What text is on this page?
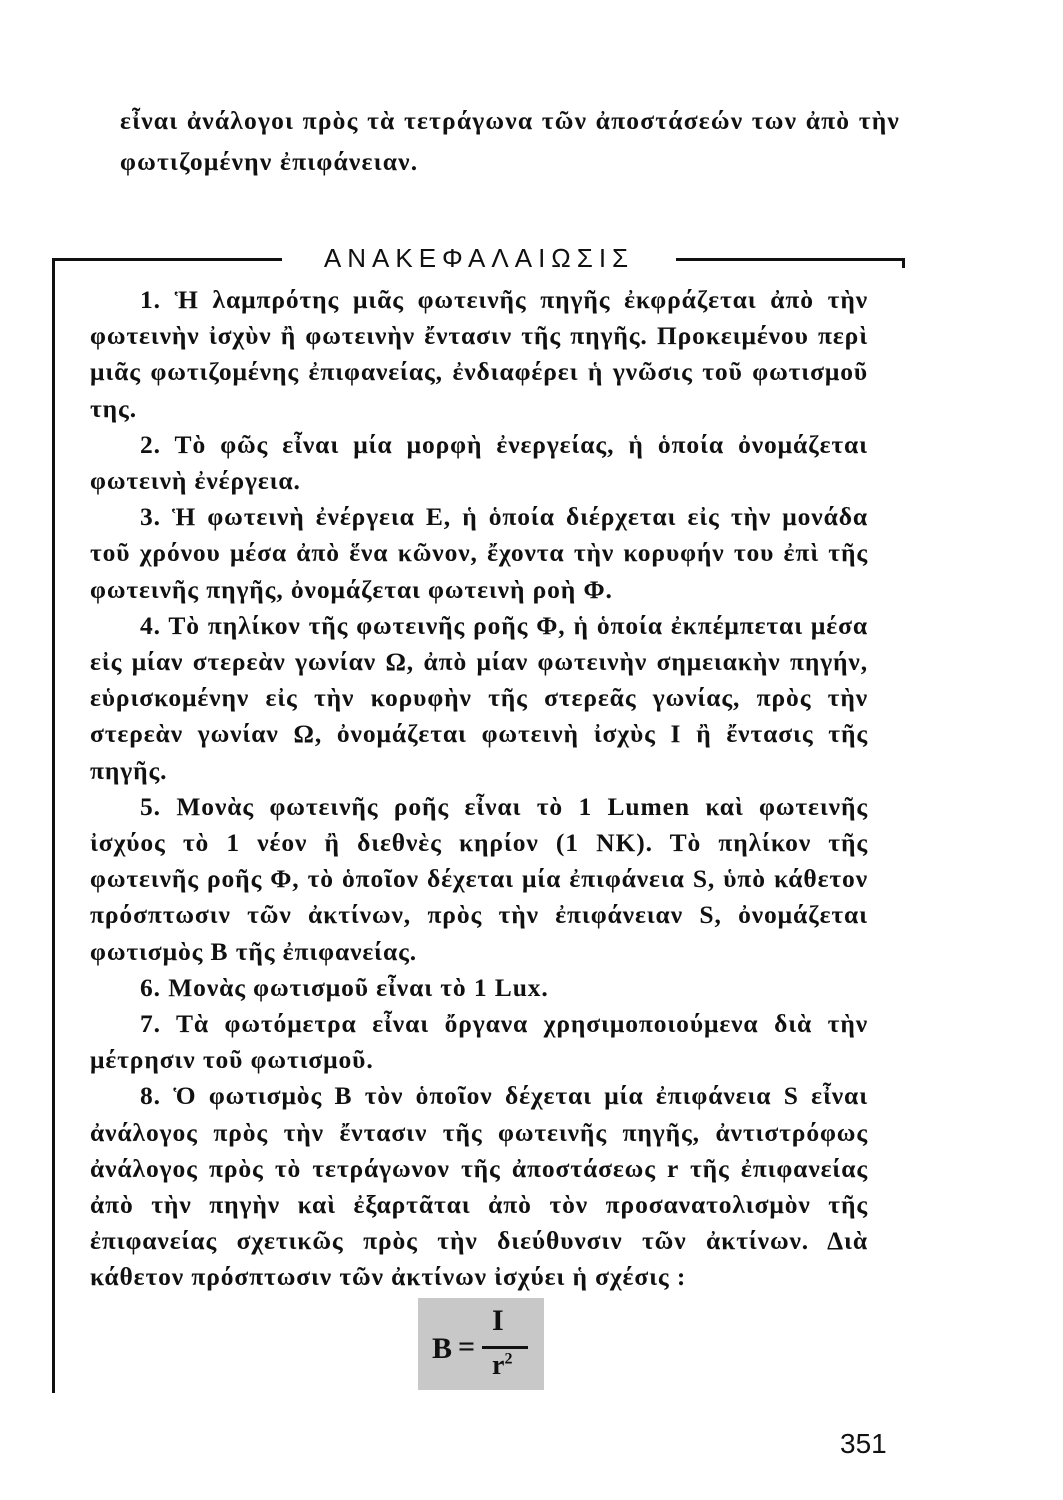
εἶναι ἀνάλογοι πρὸς τὰ τετράγωνα τῶν ἀποστάσεών των ἀπὸ τὴν φωτιζομένην ἐπιφάνειαν.

ΑΝΑΚΕΦΑΛΑΙΩΣΙΣ

1. Ἡ λαμπρότης μιᾶς φωτεινῆς πηγῆς ἐκφράζεται ἀπὸ τὴν φωτεινὴν ἰσχὺν ἢ φωτεινὴν ἔντασιν τῆς πηγῆς. Προκειμένου περὶ μιᾶς φωτιζομένης ἐπιφανείας, ἐνδιαφέρει ἡ γνῶσις τοῦ φωτισμοῦ της.

2. Τὸ φῶς εἶναι μία μορφὴ ἐνεργείας, ἡ ὁποία ὀνομάζεται φωτεινὴ ἐνέργεια.

3. Ἡ φωτεινὴ ἐνέργεια Ε, ἡ ὁποία διέρχεται εἰς τὴν μονάδα τοῦ χρόνου μέσα ἀπὸ ἕνα κῶνον, ἔχοντα τὴν κορυφήν του ἐπὶ τῆς φωτεινῆς πηγῆς, ὀνομάζεται φωτεινὴ ροὴ Φ.

4. Τὸ πηλίκον τῆς φωτεινῆς ροῆς Φ, ἡ ὁποία ἐκπέμπεται μέσα εἰς μίαν στερεὰν γωνίαν Ω, ἀπὸ μίαν φωτεινὴν σημειακὴν πηγήν, εὑρισκομένην εἰς τὴν κορυφὴν τῆς στερεᾶς γωνίας, πρὸς τὴν στερεὰν γωνίαν Ω, ὀνομάζεται φωτεινὴ ἰσχὺς Ι ἢ ἔντασις τῆς πηγῆς.

5. Μονὰς φωτεινῆς ροῆς εἶναι τὸ 1 Lumen καὶ φωτεινῆς ἰσχύος τὸ 1 νέον ἢ διεθνὲς κηρίον (1 ΝΚ). Τὸ πηλίκον τῆς φωτεινῆς ροῆς Φ, τὸ ὁποῖον δέχεται μία ἐπιφάνεια S, ὑπὸ κάθετον πρόσπτωσιν τῶν ἀκτίνων, πρὸς τὴν ἐπιφάνειαν S, ὀνομάζεται φωτισμὸς Β τῆς ἐπιφανείας.

6. Μονὰς φωτισμοῦ εἶναι τὸ 1 Lux.

7. Τὰ φωτόμετρα εἶναι ὄργανα χρησιμοποιούμενα διὰ τὴν μέτρησιν τοῦ φωτισμοῦ.

8. Ὁ φωτισμὸς Β τὸν ὁποῖον δέχεται μία ἐπιφάνεια S εἶναι ἀνάλογος πρὸς τὴν ἔντασιν τῆς φωτεινῆς πηγῆς, ἀντιστρόφως ἀνάλογος πρὸς τὸ τετράγωνον τῆς ἀποστάσεως r τῆς ἐπιφανείας ἀπὸ τὴν πηγὴν καὶ ἐξαρτᾶται ἀπὸ τὸν προσανατολισμὸν τῆς ἐπιφανείας σχετικῶς πρὸς τὴν διεύθυνσιν τῶν ἀκτίνων. Διὰ κάθετον πρόσπτωσιν τῶν ἀκτίνων ἰσχύει ἡ σχέσις :

B =
I
$r^2$
351
